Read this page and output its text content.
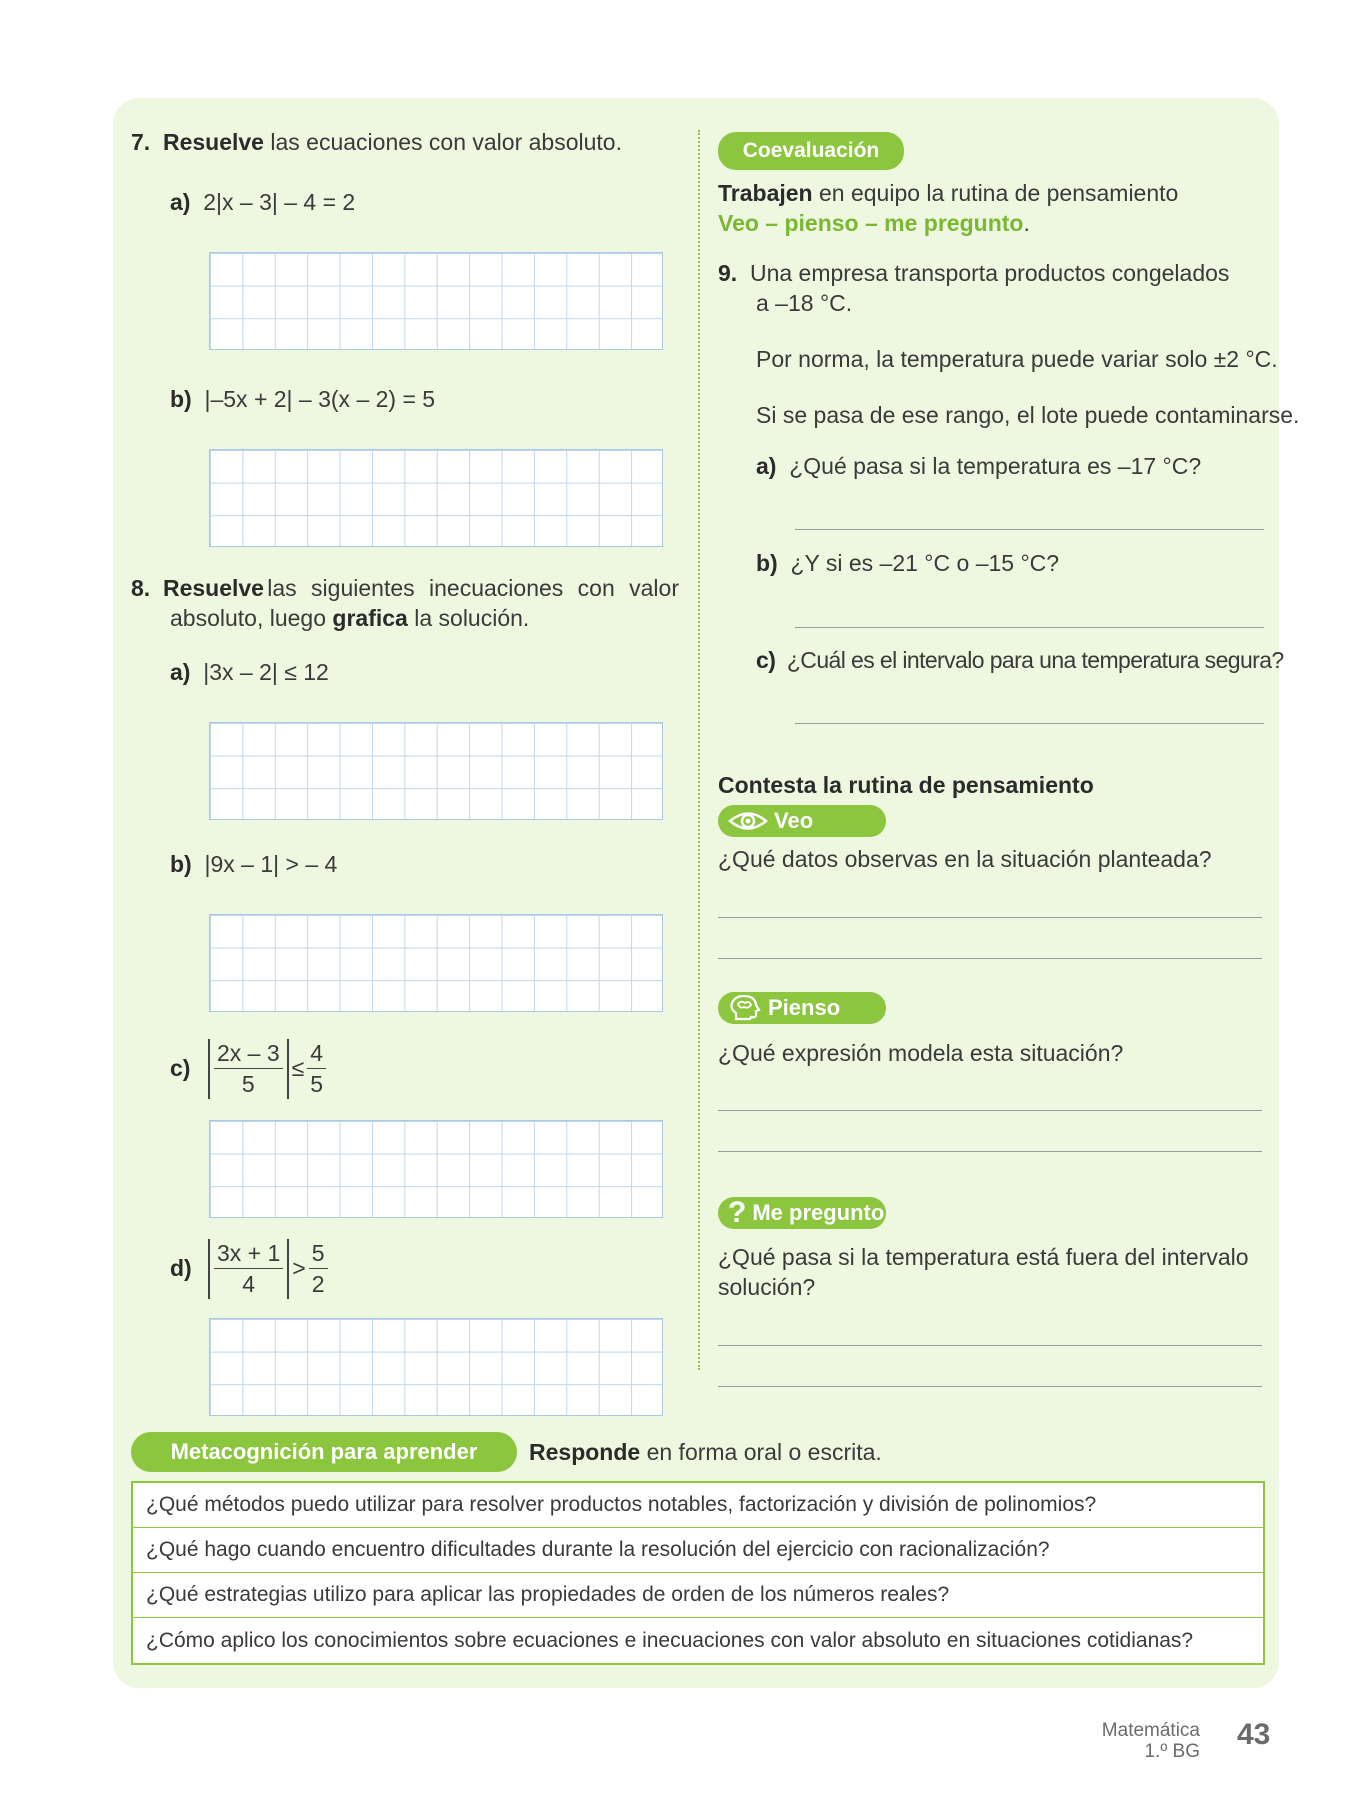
7. Resuelve las ecuaciones con valor absoluto.
a) 2|x – 3| – 4 = 2
b) |–5x + 2| – 3(x – 2) = 5
8. Resuelve las siguientes inecuaciones con valor
absoluto, luego grafica la solución.
a) |3x – 2| ≤ 12
b) |9x – 1| > – 4
$c) \frac{2x - 3}{5} \le \frac{4}{5}$
$d) \frac{3x + 1}{4} > \frac{5}{2}$
Coevaluación
Trabajen en equipo la rutina de pensamiento
Veo – pienso – me pregunto.
9. Una empresa transporta productos congelados
a –18 °C.
Por norma, la temperatura puede variar solo ±2 °C.
Si se pasa de ese rango, el lote puede contaminarse.
a) ¿Qué pasa si la temperatura es –17 °C?
b) ¿Y si es –21 °C o –15 °C?
c) ¿Cuál es el intervalo para una temperatura segura?
Contesta la rutina de pensamiento
Veo
¿Qué datos observas en la situación planteada?
Pienso
¿Qué expresión modela esta situación?
? Me pregunto
¿Qué pasa si la temperatura está fuera del intervalo
solución?
Metacognición para aprender	Responde en forma oral o escrita.
¿Qué métodos puedo utilizar para resolver productos notables, factorización y división de polinomios?
¿Qué hago cuando encuentro dificultades durante la resolución del ejercicio con racionalización?
¿Qué estrategias utilizo para aplicar las propiedades de orden de los números reales?
¿Cómo aplico los conocimientos sobre ecuaciones e inecuaciones con valor absoluto en situaciones cotidianas?
Matemática
1.º BG
43
